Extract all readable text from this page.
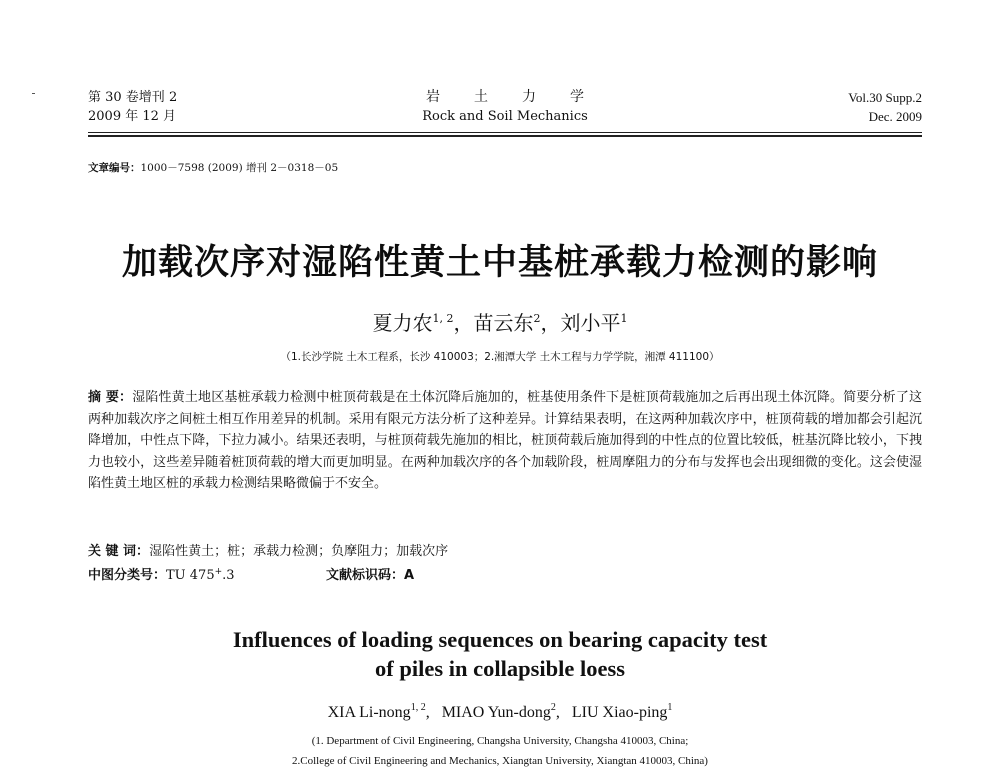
第 30 卷增刊 2
2009 年 12 月
岩土力学
Rock and Soil Mechanics
Vol.30 Supp.2
Dec. 2009
文章编号：1000－7598 (2009) 增刊 2－0318－05
加载次序对湿陷性黄土中基桩承载力检测的影响
夏力农$^{1, 2}$，苗云东$^2$，刘小平$^1$
（1.长沙学院 土木工程系，长沙 410003；2.湘潭大学 土木工程与力学学院，湘潭 411100）
摘 要：湿陷性黄土地区基桩承载力检测中桩顶荷载是在土体沉降后施加的，桩基使用条件下是桩顶荷载施加之后再出现土体沉降。简要分析了这两种加载次序之间桩土相互作用差异的机制。采用有限元方法分析了这种差异。计算结果表明，在这两种加载次序中，桩顶荷载的增加都会引起沉降增加，中性点下降，下拉力减小。结果还表明，与桩顶荷载先施加的相比，桩顶荷载后施加得到的中性点的位置比较低，桩基沉降比较小，下拽力也较小，这些差异随着桩顶荷载的增大而更加明显。在两种加载次序的各个加载阶段，桩周摩阻力的分布与发挥也会出现细微的变化。这会使湿陷性黄土地区桩的承载力检测结果略微偏于不安全。
关 键 词：湿陷性黄土；桩；承载力检测；负摩阻力；加载次序
中图分类号：TU 475+.3	文献标识码：A
Influences of loading sequences on bearing capacity test
of piles in collapsible loess
XIA Li-nong$^{1, 2}$,   MIAO Yun-dong$^2$,   LIU Xiao-ping$^1$
(1. Department of Civil Engineering, Changsha University, Changsha 410003, China;
2.College of Civil Engineering and Mechanics, Xiangtan University, Xiangtan 410003, China)
